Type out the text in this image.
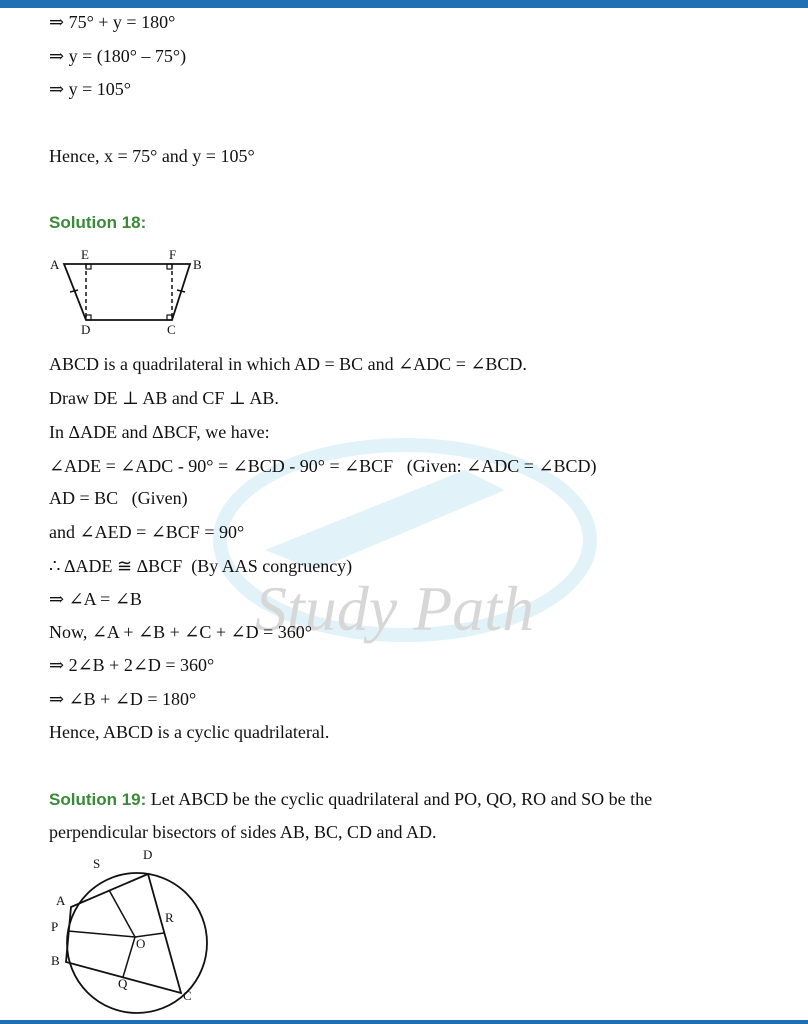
Study Path
⇒ 75° + y = 180°
⇒ y = (180° – 75°)
⇒ y = 105°
Hence, x = 75° and y = 105°
Solution 18:
A	B
C
D
E	F
ABCD is a quadrilateral in which AD = BC and ∠ADC = ∠BCD.
Draw DE ⊥ AB and CF ⊥ AB.
In ΔADE and ΔBCF, we have:
∠ADE = ∠ADC - 90° = ∠BCD - 90° = ∠BCF   (Given: ∠ADC = ∠BCD)
AD = BC   (Given)
and ∠AED = ∠BCF = 90°
∴ ΔADE ≅ ΔBCF  (By AAS congruency)
⇒ ∠A = ∠B
Now, ∠A + ∠B + ∠C + ∠D = 360°
⇒ 2∠B + 2∠D = 360°
⇒ ∠B + ∠D = 180°
Hence, ABCD is a cyclic quadrilateral.
Solution 19: Let ABCD be the cyclic quadrilateral and PO, QO, RO and SO be the
perpendicular bisectors of sides AB, BC, CD and AD.
S
D
A
P
R
O
B
Q
C
